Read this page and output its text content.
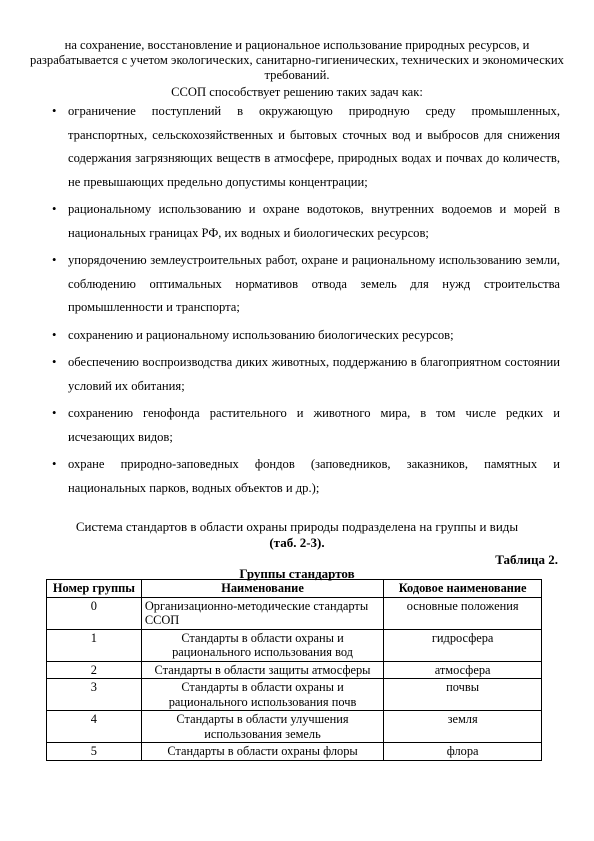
на сохранение, восстановление и рациональное использование природных ресурсов, и разрабатывается с учетом экологических, санитарно-гигиенических, технических и экономических требований.

ССОП способствует решению таких задач как:

• ограничение поступлений в окружающую природную среду промышленных, транспортных, сельскохозяйственных и бытовых сточных вод и выбросов для снижения содержания загрязняющих веществ в атмосфере, природных водах и почвах до количеств, не превышающих предельно допустимы концентрации;
• рациональному использованию и охране водотоков, внутренних водоемов и морей в национальных границах РФ, их водных и биологических ресурсов;
• упорядочению землеустроительных работ, охране и рациональному использованию земли, соблюдению оптимальных нормативов отвода земель для нужд строительства промышленности и транспорта;
• сохранению и рациональному использованию биологических ресурсов;
• обеспечению воспроизводства диких животных, поддержанию в благоприятном состоянии условий их обитания;
• сохранению генофонда растительного и животного мира, в том числе редких и исчезающих видов;
• охране природно-заповедных фондов (заповедников, заказников, памятных и национальных парков, водных объектов и др.);

Система стандартов в области охраны природы подразделена на группы и виды
(таб. 2-3).

Таблица 2.

Группы стандартов

Номер группы	Наименование	Кодовое наименование
0	Организационно-методические стандарты ССОП	основные положения
1	Стандарты в области охраны и рационального использования вод	гидросфера
2	Стандарты в области защиты атмосферы	атмосфера
3	Стандарты в области охраны и рационального использования почв	почвы
4	Стандарты в области улучшения использования земель	земля
5	Стандарты в области охраны флоры	флора
